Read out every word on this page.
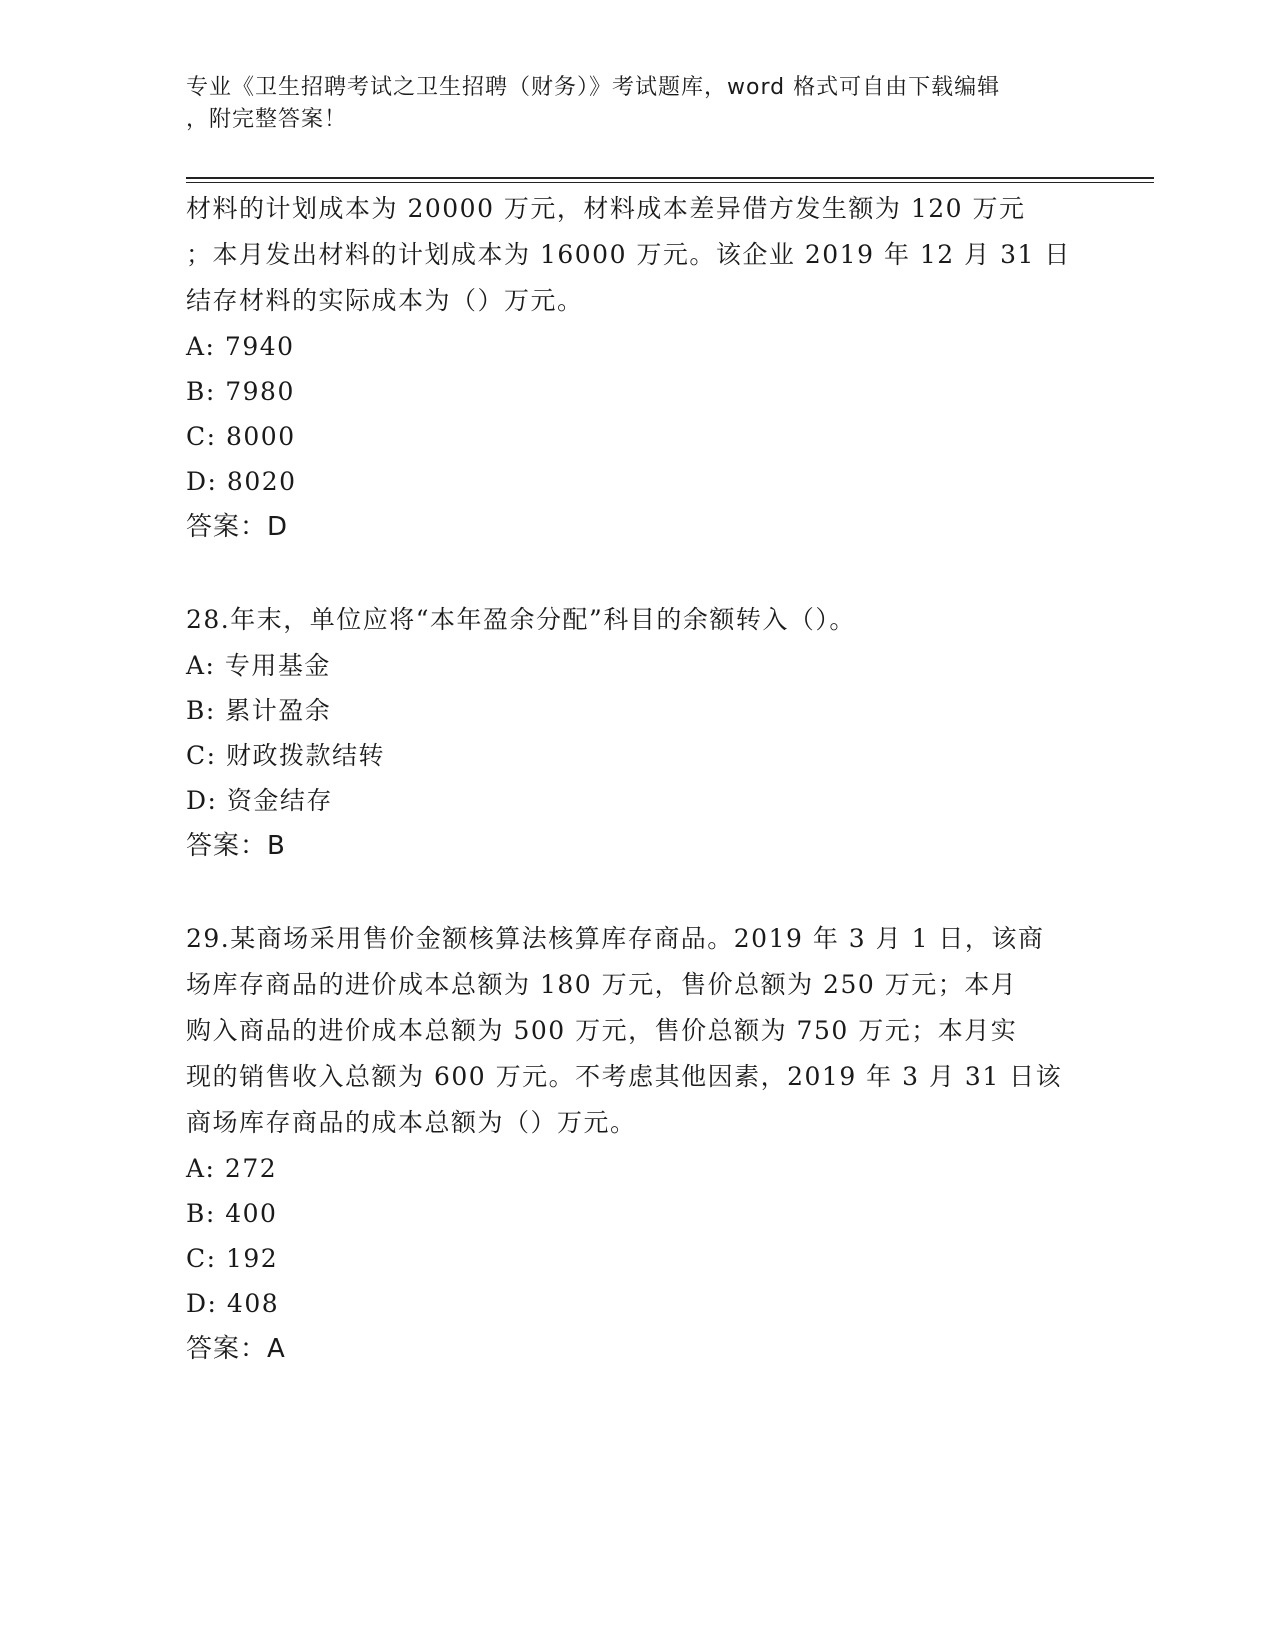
专业《卫生招聘考试之卫生招聘（财务）》考试题库，word 格式可自由下载编辑

，附完整答案！

材料的计划成本为 20000 万元，材料成本差异借方发生额为 120 万元
；本月发出材料的计划成本为 16000 万元。该企业 2019 年 12 月 31 日
结存材料的实际成本为（）万元。
A: 7940
B: 7980
C: 8000
D: 8020
答案：D
28.年末，单位应将“本年盈余分配”科目的余额转入（）。
A: 专用基金
B: 累计盈余
C: 财政拨款结转
D: 资金结存
答案：B
29.某商场采用售价金额核算法核算库存商品。2019 年 3 月 1 日，该商
场库存商品的进价成本总额为 180 万元，售价总额为 250 万元；本月
购入商品的进价成本总额为 500 万元，售价总额为 750 万元；本月实
现的销售收入总额为 600 万元。不考虑其他因素，2019 年 3 月 31 日该
商场库存商品的成本总额为（）万元。
A: 272
B: 400
C: 192
D: 408
答案：A
